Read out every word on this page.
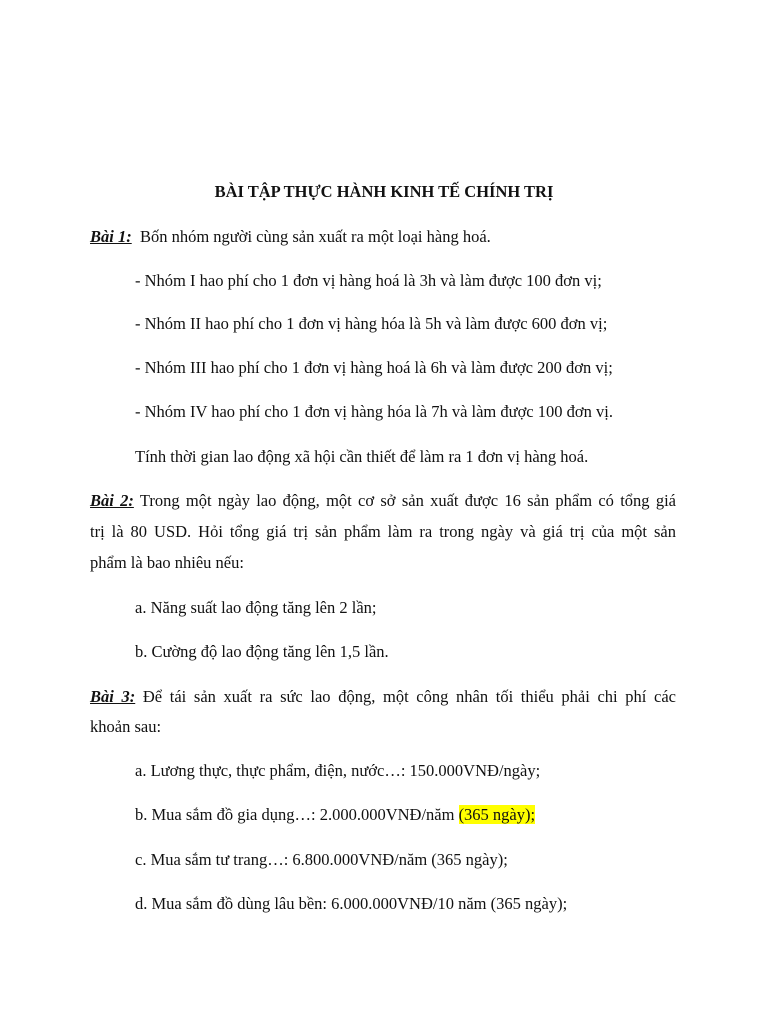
BÀI TẬP THỰC HÀNH KINH TẾ CHÍNH TRỊ
Bài 1: Bốn nhóm người cùng sản xuất ra một loại hàng hoá.
- Nhóm I hao phí cho 1 đơn vị hàng hoá là 3h và làm được 100 đơn vị;
- Nhóm II hao phí cho 1 đơn vị hàng hóa là 5h và làm được 600 đơn vị;
- Nhóm III hao phí cho 1 đơn vị hàng hoá là 6h và làm được 200 đơn vị;
- Nhóm IV hao phí cho 1 đơn vị hàng hóa là 7h và làm được 100 đơn vị.
Tính thời gian lao động xã hội cần thiết để làm ra 1 đơn vị hàng hoá.
Bài 2: Trong một ngày lao động, một cơ sở sản xuất được 16 sản phẩm có tổng giá
trị là 80 USD. Hỏi tổng giá trị sản phẩm làm ra trong ngày và giá trị của một sản
phẩm là bao nhiêu nếu:
a. Năng suất lao động tăng lên 2 lần;
b. Cường độ lao động tăng lên 1,5 lần.
Bài 3: Để tái sản xuất ra sức lao động, một công nhân tối thiểu phải chi phí các
khoản sau:
a. Lương thực, thực phẩm, điện, nước…: 150.000VNĐ/ngày;
b. Mua sắm đồ gia dụng…: 2.000.000VNĐ/năm (365 ngày);
c. Mua sắm tư trang…: 6.800.000VNĐ/năm (365 ngày);
d. Mua sắm đồ dùng lâu bền: 6.000.000VNĐ/10 năm (365 ngày);
